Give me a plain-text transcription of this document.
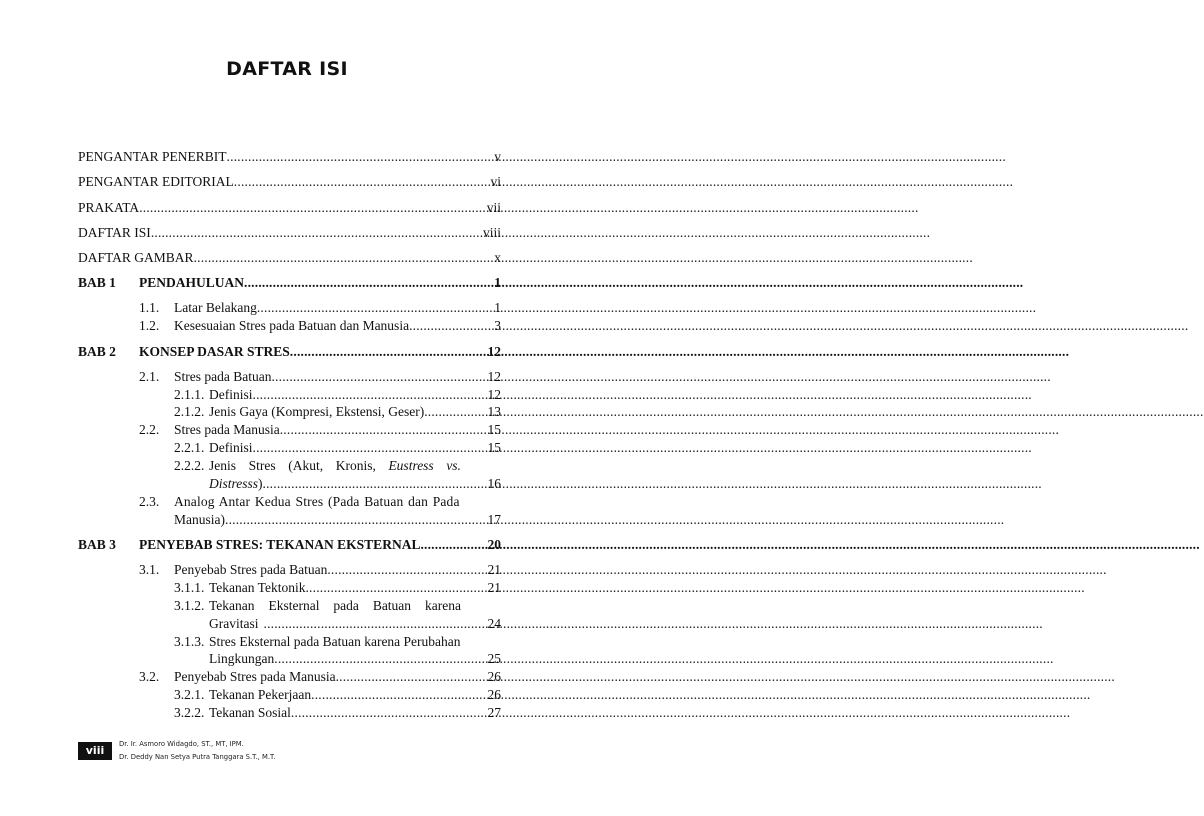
DAFTAR ISI
PENGANTAR PENERBIT .....	v
PENGANTAR EDITORIAL .....	vi
PRAKATA .....	vii
DAFTAR ISI .....	viii
DAFTAR GAMBAR .....	x
BAB 1	PENDAHULUAN .....	1
1.1.	Latar Belakang .....	1
1.2.	Kesesuaian Stres pada Batuan dan Manusia .....	3
BAB 2	KONSEP DASAR STRES .....	12
2.1.	Stres pada Batuan .....	12
2.1.1. Definisi .....	12
2.1.2. Jenis Gaya (Kompresi, Ekstensi, Geser) .....	13
2.2.	Stres pada Manusia .....	15
2.2.1. Definisi .....	15
2.2.2. Jenis Stres (Akut, Kronis, Eustress vs.
Distresss) .....	16
2.3.	Analog Antar Kedua Stres (Pada Batuan dan Pada
Manusia) .....	17
BAB 3	PENYEBAB STRES: TEKANAN EKSTERNAL .....	20
3.1.	Penyebab Stres pada Batuan .....	21
3.1.1. Tekanan Tektonik .....	21
3.1.2. Tekanan Eksternal pada Batuan karena
Gravitasi .....	24
3.1.3. Stres Eksternal pada Batuan karena Perubahan
Lingkungan .....	25
3.2.	Penyebab Stres pada Manusia .....	26
3.2.1. Tekanan Pekerjaan .....	26
3.2.2. Tekanan Sosial .....	27
viii	Dr. Ir. Asmoro Widagdo, ST., MT, IPM.
Dr. Deddy Nan Setya Putra Tanggara S.T., M.T.
